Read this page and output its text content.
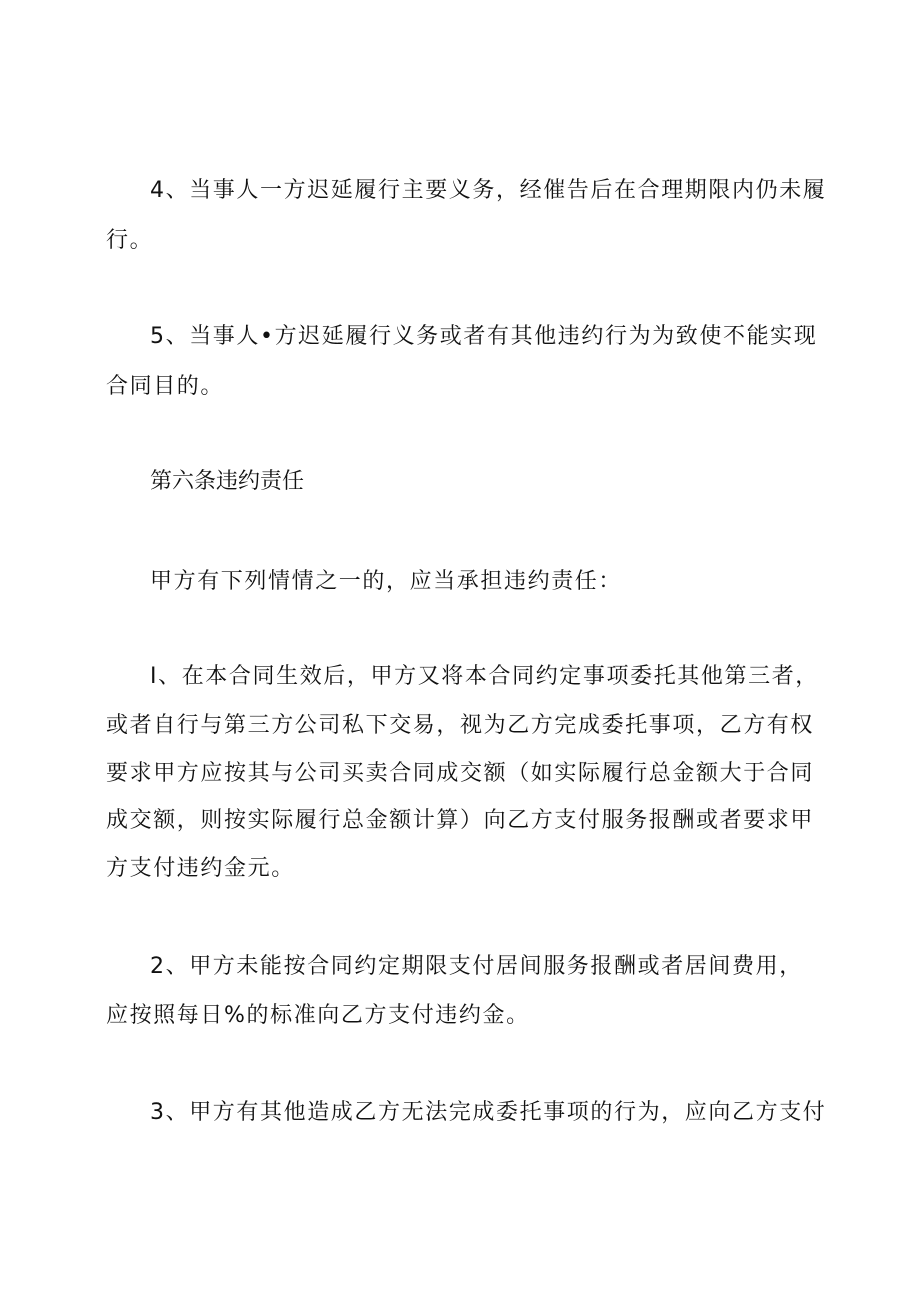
4、当事人一方迟延履行主要义务，经催告后在合理期限内仍未履
行。
5、当事人•方迟延履行义务或者有其他违约行为为致使不能实现
合同目的。
第六条违约责任
甲方有下列情情之一的，应当承担违约责任：
I、在本合同生效后，甲方又将本合同约定事项委托其他第三者，
或者自行与第三方公司私下交易，视为乙方完成委托事项，乙方有权
要求甲方应按其与公司买卖合同成交额（如实际履行总金额大于合同
成交额，则按实际履行总金额计算）向乙方支付服务报酬或者要求甲
方支付违约金元。
2、甲方未能按合同约定期限支付居间服务报酬或者居间费用，
应按照每日%的标准向乙方支付违约金。
3、甲方有其他造成乙方无法完成委托事项的行为，应向乙方支付
